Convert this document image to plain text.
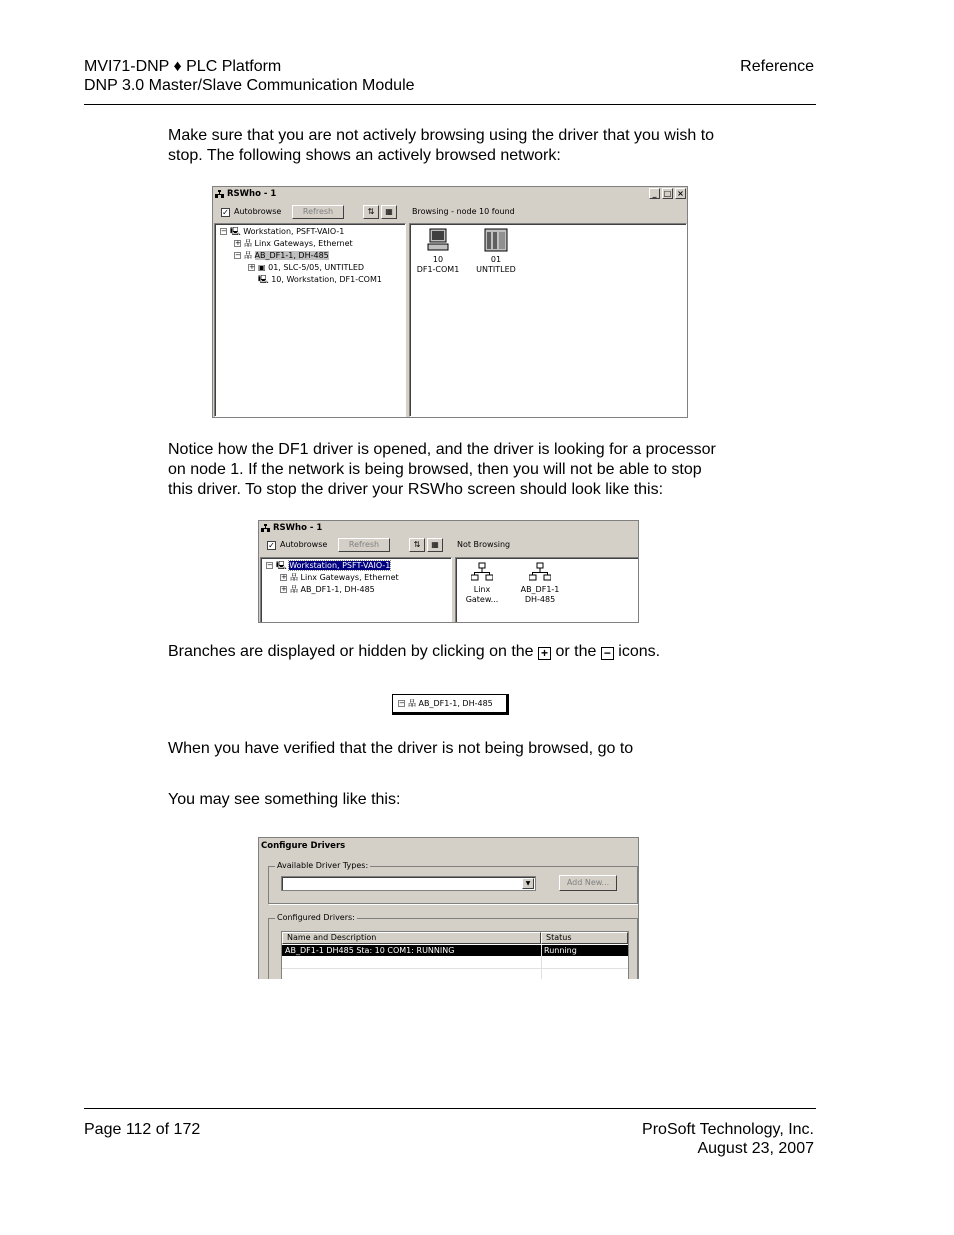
MVI71-DNP ♦ PLC Platform
DNP 3.0 Master/Slave Communication Module
Reference
Make sure that you are not actively browsing using the driver that you wish to
stop. The following shows an actively browsed network:
RSWho - 1	_ □ ×
✓ Autobrowse	Refresh	⇅	▦	Browsing - node 10 found
− 🖳 Workstation, PSFT-VAIO-1
+ 品 Linx Gateways, Ethernet
− 品 AB_DF1-1, DH-485
+ ▣ 01, SLC-5/05, UNTITLED
🖳 10, Workstation, DF1-COM1
10
DF1-COM1
01
UNTITLED
Notice how the DF1 driver is opened, and the driver is looking for a processor
on node 1. If the network is being browsed, then you will not be able to stop
this driver. To stop the driver your RSWho screen should look like this:
RSWho - 1
✓ Autobrowse	Refresh	⇅	▦	Not Browsing
− 🖳 Workstation, PSFT-VAIO-1
+ 品 Linx Gateways, Ethernet
+ 品 AB_DF1-1, DH-485	Linx
Gatew...
AB_DF1-1
DH-485
Branches are displayed or hidden by clicking on the + or the − icons.
− 品 AB_DF1-1, DH-485
When you have verified that the driver is not being browsed, go to
You may see something like this:
Configure Drivers
Available Driver Types:
▼	Add New...
Configured Drivers:
Name and Description	Status
AB_DF1-1 DH485 Sta: 10 COM1: RUNNING	Running
Page 112 of 172	ProSoft Technology, Inc.
August 23, 2007
